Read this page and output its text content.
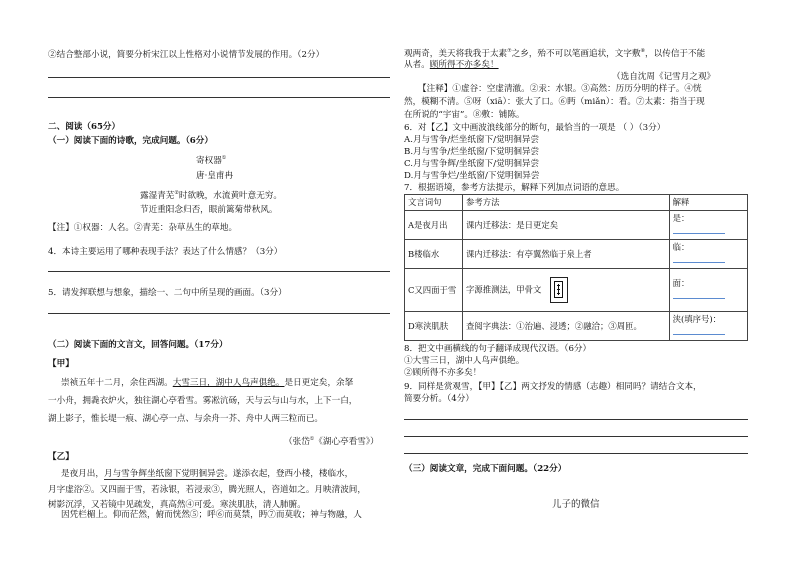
②结合整部小说，简要分析宋江以上性格对小说情节发展的作用。（2分）
二、阅读（65分）
（一）阅读下面的诗歌，完成问题。（6分）
寄权器①
唐·皇甫冉
露湿青芜②时欲晚，水流黄叶意无穷。
节近重阳念归否，眼前篱菊带秋风。
【注】①权器：人名。②青芜：杂草丛生的草地。
4．本诗主要运用了哪种表现手法？表达了什么情感？（3分）
5．请发挥联想与想象，描绘一、二句中所呈现的画面。（3分）
（二）阅读下面的文言文，回答问题。（17分）
【甲】
崇祯五年十二月，余住西湖。大雪三日，湖中人鸟声俱绝。是日更定矣，余拏
一小舟，拥毳衣炉火，独往湖心亭看雪。雾凇沆砀，天与云与山与水，上下一白，
湖上影子，惟长堤一痕、湖心亭一点、与余舟一芥、舟中人两三粒而已。
（张岱①《湖心亭看雪》）
【乙】
是夜月出，月与雪争辉坐纸窗下觉明徊异尝。遂添衣起，登西小楼，楼临水，
月字虚浴②。又四面于雪，若泳银，若浸汞③，腾光照人，咨道如之。月映清波间，
树影沉浮，又若镜中见疏发，真高然④可爱。寒浃肌肤，清人肺腑。
因凭栏楣上。仰而茫然，俯而恍然⑤；呼⑥而莫禁，眄⑦而莫收；神与物融，人
观两奇，美天将我我于太素⑦之乡，殆不可以笔画追状，文字敷⑧，以传信于不能
从者。顾所得不亦多矣！
（选自沈周《记雪月之观》
【注释】①虚谷：空虚清澈。②汞：水银。③高然：历历分明的样子。④恍
然，模糊不清。⑤呀（xiā）：张大了口。⑥眄（miǎn）：看。⑦太素：指当于现
在所说的“宇宙”。⑧敷：铺陈。
6．对【乙】文中画波浪线部分的断句，最恰当的一项是 （ ）（3分）
A.月与雪争/烂坐纸窗下/觉明徊异尝
B.月与雪争/烂坐纸窗/下觉明徊异尝
C.月与雪争辉/坐纸窗下/觉明徊异尝
D.月与雪争烂/坐纸窗/下觉明徊异尝
7．根据语境，参考方法提示，解释下列加点词语的意思。
文言词句	参考方法	解释
A是夜月出	课内迁移法：是日更定矣	是：

B楼临水	课内迁移法：有亭翼然临于泉上者	临：

C又四面于雪	字源推测法，甲骨文	面：

D寒浃肌肤	查阅字典法：①治遍、浸透；②融洽；③周匝。	浃(填序号)：

8．把文中画横线的句子翻译成现代汉语。（6分）
①大雪三日，湖中人鸟声俱绝。
②顾所得不亦多矣！
9．同样是赏观雪，【甲】【乙】两文抒发的情感（志趣）相同吗？请结合文本，
简要分析。（4分）
（三）阅读文章，完成下面问题。（22分）
儿子的微信
